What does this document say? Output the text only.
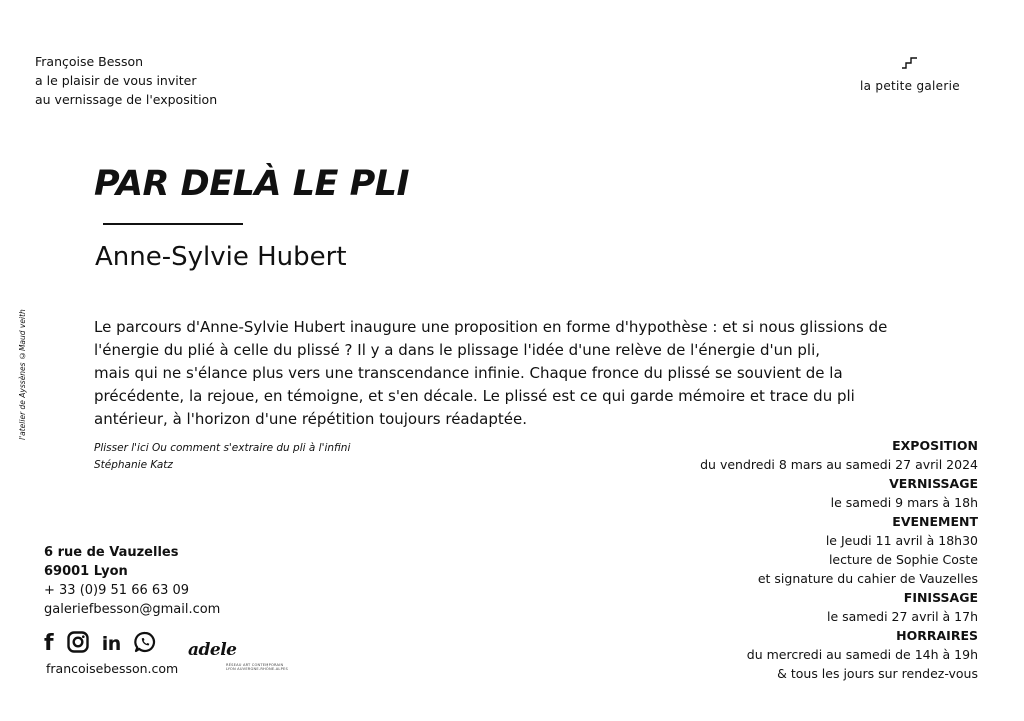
Françoise Besson
a le plaisir de vous inviter
au vernissage de l'exposition
la petite galerie
PAR DELÀ LE PLI
Anne-Sylvie Hubert
l'atelier de Ayssènes ©Maud veith	Le parcours d'Anne-Sylvie Hubert inaugure une proposition en forme d'hypothèse : et si nous glissions de
l'énergie du plié à celle du plissé ? Il y a dans le plissage l'idée d'une relève de l'énergie d'un pli,
mais qui ne s'élance plus vers une transcendance infinie. Chaque fronce du plissé se souvient de la
précédente, la rejoue, en témoigne, et s'en décale. Le plissé est ce qui garde mémoire et trace du pli
antérieur, à l'horizon d'une répétition toujours réadaptée.
Plisser l'ici Ou comment s'extraire du pli à l'infini
Stéphanie Katz
EXPOSITION
du vendredi 8 mars au samedi 27 avril 2024
VERNISSAGE
le samedi 9 mars à 18h
EVENEMENT
le Jeudi 11 avril à 18h30
lecture de Sophie Coste
et signature du cahier de Vauzelles
FINISSAGE
le samedi 27 avril à 17h
HORRAIRES
du mercredi au samedi de 14h à 19h
& tous les jours sur rendez-vous
6 rue de Vauzelles
69001 Lyon
+ 33 (0)9 51 66 63 09
galeriefbesson@gmail.com
f	in
francoisebesson.com
adele
RÉSEAU ART CONTEMPORAIN
LYON AUVERGNE-RHÔNE-ALPES
